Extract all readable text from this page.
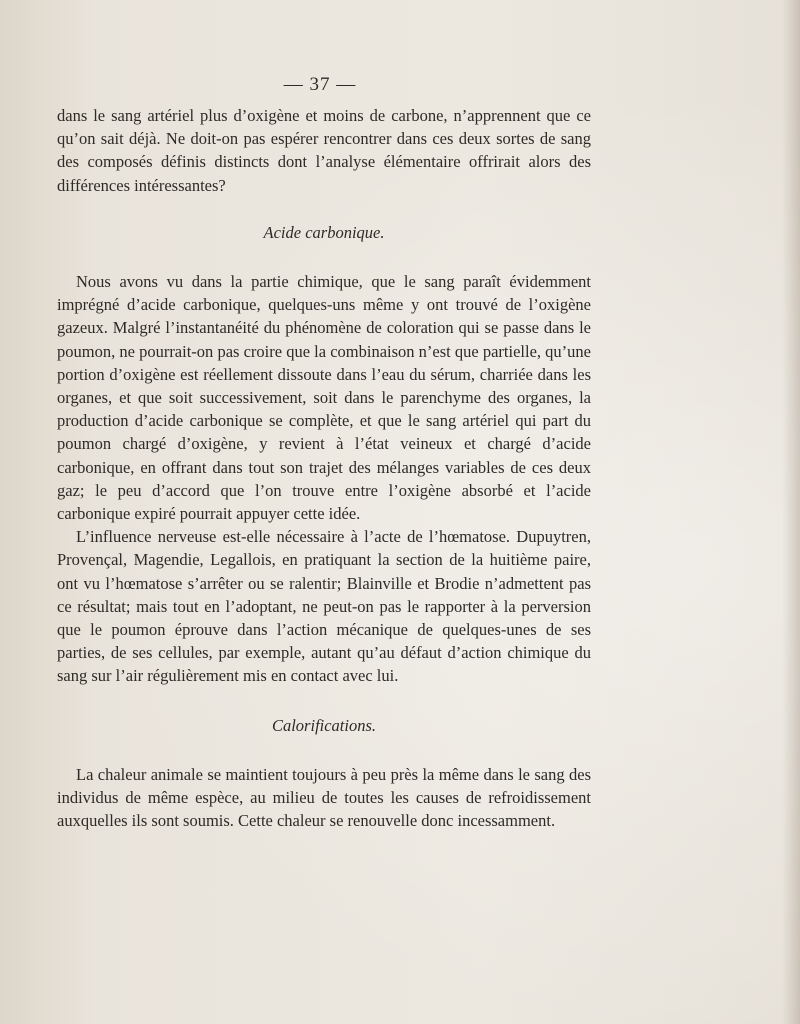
— 37 —

dans le sang artériel plus d’oxigène et moins de carbone, n’apprennent que ce qu’on sait déjà. Ne doit-on pas espérer rencontrer dans ces deux sortes de sang des composés définis distincts dont l’analyse élémentaire offrirait alors des différences intéressantes?

Acide carbonique.

Nous avons vu dans la partie chimique, que le sang paraît évidemment imprégné d’acide carbonique, quelques-uns même y ont trouvé de l’oxigène gazeux. Malgré l’instantanéité du phénomène de coloration qui se passe dans le poumon, ne pourrait-on pas croire que la combinaison n’est que partielle, qu’une portion d’oxigène est réellement dissoute dans l’eau du sérum, charriée dans les organes, et que soit successivement, soit dans le parenchyme des organes, la production d’acide carbonique se complète, et que le sang artériel qui part du poumon chargé d’oxigène, y revient à l’état veineux et chargé d’acide carbonique, en offrant dans tout son trajet des mélanges variables de ces deux gaz; le peu d’accord que l’on trouve entre l’oxigène absorbé et l’acide carbonique expiré pourrait appuyer cette idée.

L’influence nerveuse est-elle nécessaire à l’acte de l’hœmatose. Dupuytren, Provençal, Magendie, Legallois, en pratiquant la section de la huitième paire, ont vu l’hœmatose s’arrêter ou se ralentir; Blainville et Brodie n’admettent pas ce résultat; mais tout en l’adoptant, ne peut-on pas le rapporter à la perversion que le poumon éprouve dans l’action mécanique de quelques-unes de ses parties, de ses cellules, par exemple, autant qu’au défaut d’action chimique du sang sur l’air régulièrement mis en contact avec lui.

Calorifications.

La chaleur animale se maintient toujours à peu près la même dans le sang des individus de même espèce, au milieu de toutes les causes de refroidissement auxquelles ils sont soumis. Cette chaleur se renouvelle donc incessamment.
